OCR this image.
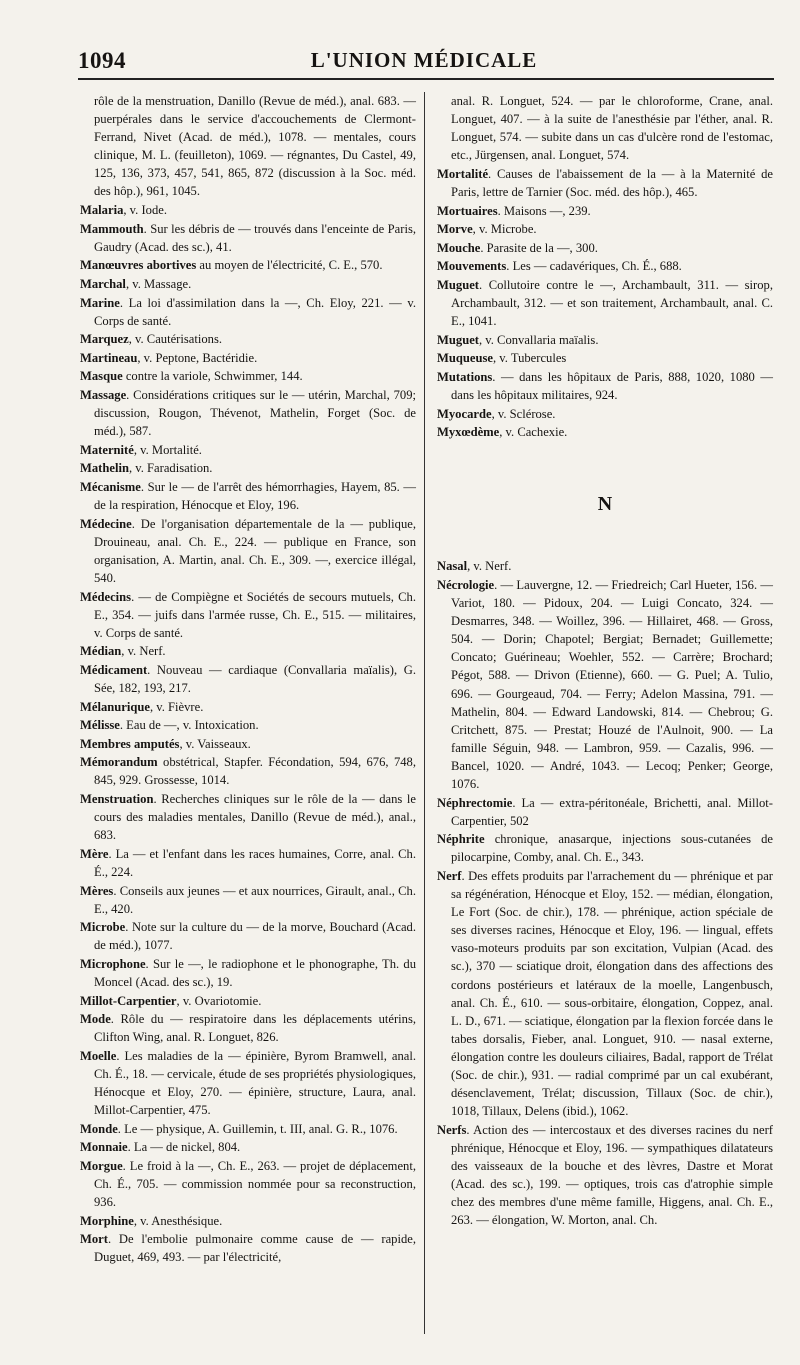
1094	L'UNION MÉDICALE
rôle de la menstruation, Danillo (Revue de méd.), anal. 683. — puerpérales dans le service d'accouchements de Clermont-Ferrand, Nivet (Acad. de méd.), 1078. — mentales, cours clinique, M. L. (feuilleton), 1069. — régnantes, Du Castel, 49, 125, 136, 373, 457, 541, 865, 872 (discussion à la Soc. méd. des hôp.), 961, 1045.
Malaria, v. Iode.
Mammouth. Sur les débris de — trouvés dans l'enceinte de Paris, Gaudry (Acad. des sc.), 41.
Manœuvres abortives au moyen de l'électricité, C. E., 570.
Marchal, v. Massage.
Marine. La loi d'assimilation dans la —, Ch. Eloy, 221. — v. Corps de santé.
Marquez, v. Cautérisations.
Martineau, v. Peptone, Bactéridie.
Masque contre la variole, Schwimmer, 144.
Massage. Considérations critiques sur le — utérin, Marchal, 709; discussion, Rougon, Thévenot, Mathelin, Forget (Soc. de méd.), 587.
Maternité, v. Mortalité.
Mathelin, v. Faradisation.
Mécanisme. Sur le — de l'arrêt des hémorrhagies, Hayem, 85. — de la respiration, Hénocque et Eloy, 196.
Médecine. De l'organisation départementale de la — publique, Drouineau, anal. Ch. E., 224. — publique en France, son organisation, A. Martin, anal. Ch. E., 309. —, exercice illégal, 540.
Médecins. — de Compiègne et Sociétés de secours mutuels, Ch. E., 354. — juifs dans l'armée russe, Ch. E., 515. — militaires, v. Corps de santé.
Médian, v. Nerf.
Médicament. Nouveau — cardiaque (Convallaria maïalis), G. Sée, 182, 193, 217.
Mélanurique, v. Fièvre.
Mélisse. Eau de —, v. Intoxication.
Membres amputés, v. Vaisseaux.
Mémorandum obstétrical, Stapfer. Fécondation, 594, 676, 748, 845, 929. Grossesse, 1014.
Menstruation. Recherches cliniques sur le rôle de la — dans le cours des maladies mentales, Danillo (Revue de méd.), anal., 683.
Mère. La — et l'enfant dans les races humaines, Corre, anal. Ch. É., 224.
Mères. Conseils aux jeunes — et aux nourrices, Girault, anal., Ch. E., 420.
Microbe. Note sur la culture du — de la morve, Bouchard (Acad. de méd.), 1077.
Microphone. Sur le —, le radiophone et le phonographe, Th. du Moncel (Acad. des sc.), 19.
Millot-Carpentier, v. Ovariotomie.
Mode. Rôle du — respiratoire dans les déplacements utérins, Clifton Wing, anal. R. Longuet, 826.
Moelle. Les maladies de la — épinière, Byrom Bramwell, anal. Ch. É., 18. — cervicale, étude de ses propriétés physiologiques, Hénocque et Eloy, 270. — épinière, structure, Laura, anal. Millot-Carpentier, 475.
Monde. Le — physique, A. Guillemin, t. III, anal. G. R., 1076.
Monnaie. La — de nickel, 804.
Morgue. Le froid à la —, Ch. E., 263. — projet de déplacement, Ch. É., 705. — commission nommée pour sa reconstruction, 936.
Morphine, v. Anesthésique.
Mort. De l'embolie pulmonaire comme cause de — rapide, Duguet, 469, 493. — par l'électricité,
anal. R. Longuet, 524. — par le chloroforme, Crane, anal. Longuet, 407. — à la suite de l'anesthésie par l'éther, anal. R. Longuet, 574. — subite dans un cas d'ulcère rond de l'estomac, etc., Jürgensen, anal. Longuet, 574.
Mortalité. Causes de l'abaissement de la — à la Maternité de Paris, lettre de Tarnier (Soc. méd. des hôp.), 465.
Mortuaires. Maisons —, 239.
Morve, v. Microbe.
Mouche. Parasite de la —, 300.
Mouvements. Les — cadavériques, Ch. É., 688.
Muguet. Collutoire contre le —, Archambault, 311. — sirop, Archambault, 312. — et son traitement, Archambault, anal. C. E., 1041.
Muguet, v. Convallaria maïalis.
Muqueuse, v. Tubercules
Mutations. — dans les hôpitaux de Paris, 888, 1020, 1080 — dans les hôpitaux militaires, 924.
Myocarde, v. Sclérose.
Myxœdème, v. Cachexie.
N
Nasal, v. Nerf.
Nécrologie. — Lauvergne, 12. — Friedreich; Carl Hueter, 156. — Variot, 180. — Pidoux, 204. — Luigi Concato, 324. — Desmarres, 348. — Woillez, 396. — Hillairet, 468. — Gross, 504. — Dorin; Chapotel; Bergiat; Bernadet; Guillemette; Concato; Guérineau; Woehler, 552. — Carrère; Brochard; Pégot, 588. — Drivon (Etienne), 660. — G. Puel; A. Tulio, 696. — Gourgeaud, 704. — Ferry; Adelon Massina, 791. — Mathelin, 804. — Edward Landowski, 814. — Chebrou; G. Critchett, 875. — Prestat; Houzé de l'Aulnoit, 900. — La famille Séguin, 948. — Lambron, 959. — Cazalis, 996. — Bancel, 1020. — André, 1043. — Lecoq; Penker; George, 1076.
Néphrectomie. La — extra-péritonéale, Brichetti, anal. Millot-Carpentier, 502
Néphrite chronique, anasarque, injections sous-cutanées de pilocarpine, Comby, anal. Ch. E., 343.
Nerf. Des effets produits par l'arrachement du — phrénique et par sa régénération, Hénocque et Eloy, 152. — médian, élongation, Le Fort (Soc. de chir.), 178. — phrénique, action spéciale de ses diverses racines, Hénocque et Eloy, 196. — lingual, effets vaso-moteurs produits par son excitation, Vulpian (Acad. des sc.), 370 — sciatique droit, élongation dans des affections des cordons postérieurs et latéraux de la moelle, Langenbusch, anal. Ch. É., 610. — sous-orbitaire, élongation, Coppez, anal. L. D., 671. — sciatique, élongation par la flexion forcée dans le tabes dorsalis, Fieber, anal. Longuet, 910. — nasal externe, élongation contre les douleurs ciliaires, Badal, rapport de Trélat (Soc. de chir.), 931. — radial comprimé par un cal exubérant, désenclavement, Trélat; discussion, Tillaux (Soc. de chir.), 1018, Tillaux, Delens (ibid.), 1062.
Nerfs. Action des — intercostaux et des diverses racines du nerf phrénique, Hénocque et Eloy, 196. — sympathiques dilatateurs des vaisseaux de la bouche et des lèvres, Dastre et Morat (Acad. des sc.), 199. — optiques, trois cas d'atrophie simple chez des membres d'une même famille, Higgens, anal. Ch. E., 263. — élongation, W. Morton, anal. Ch.
